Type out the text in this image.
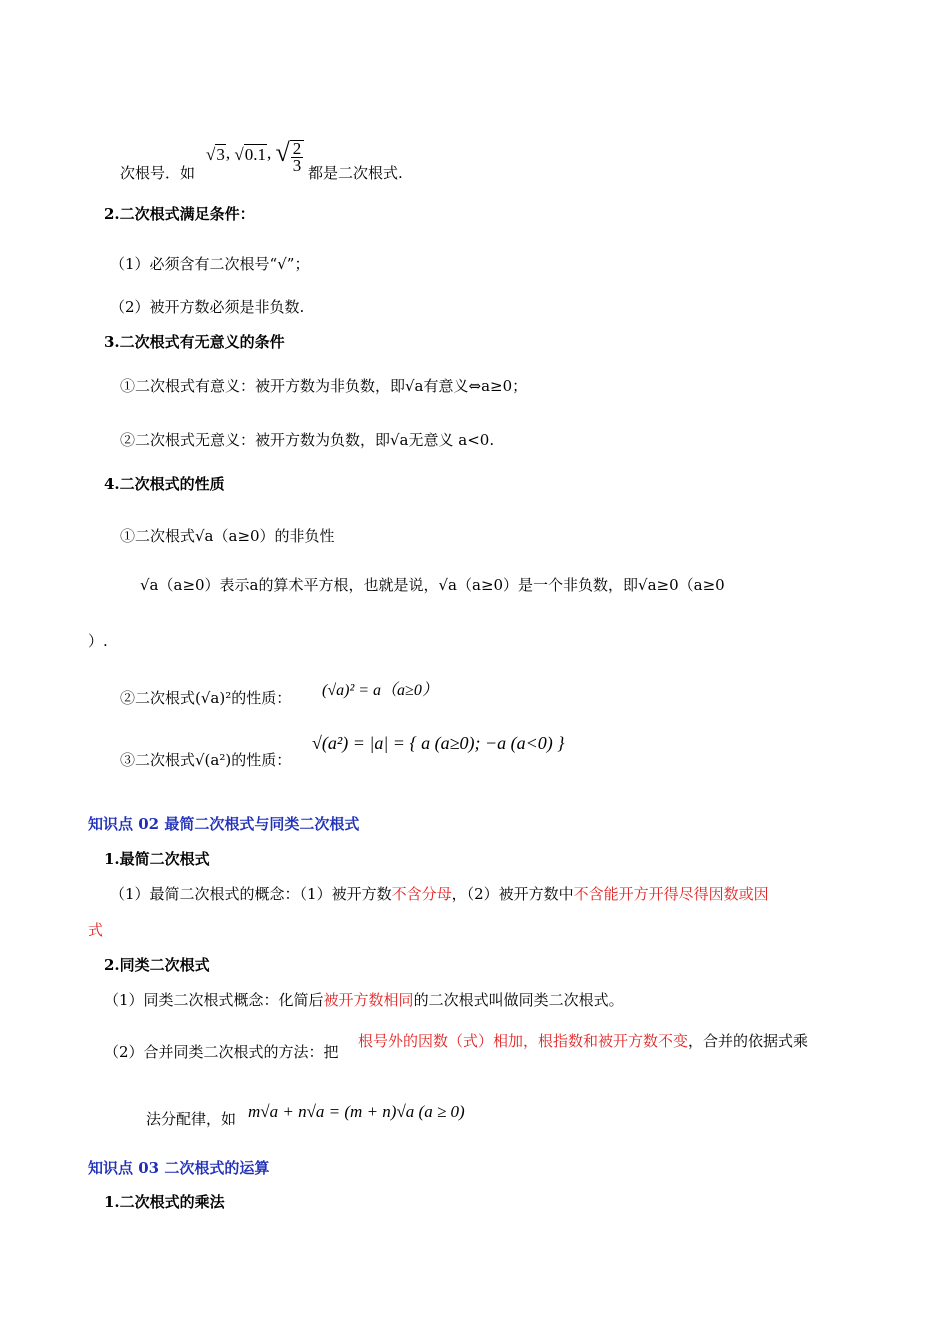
次根号．如
√3, √0.1, √ $\frac{2}{3}$ 都是二次根式.
2.二次根式满足条件：
（1）必须含有二次根号“√”；
（2）被开方数必须是非负数.
3.二次根式有无意义的条件
①二次根式有意义：被开方数为非负数，即√a有意义⇔a≥0；
②二次根式无意义：被开方数为负数，即√a无意义 a<0.
4.二次根式的性质
①二次根式√a（a≥0）的非负性
√a（a≥0）表示a的算术平方根，也就是说，√a（a≥0）是一个非负数，即√a≥0（a≥0
）.
②二次根式(√a)²的性质： (√a)² = a（a≥0）
③二次根式√(a²)的性质：
√(a²) = |a| = { a (a≥0); −a (a<0) }
知识点 02 最简二次根式与同类二次根式
1.最简二次根式
（1）最简二次根式的概念：（1）被开方数不含分母，（2）被开方数中不含能开方开得尽得因数或因
式
2.同类二次根式
（1）同类二次根式概念：化简后被开方数相同的二次根式叫做同类二次根式。
（2）合并同类二次根式的方法：把
根号外的因数（式）相加，根指数和被开方数不变，合并的依据式乘
法分配律，如 m√a + n√a = (m + n)√a (a ≥ 0)
知识点 03 二次根式的运算
1.二次根式的乘法
